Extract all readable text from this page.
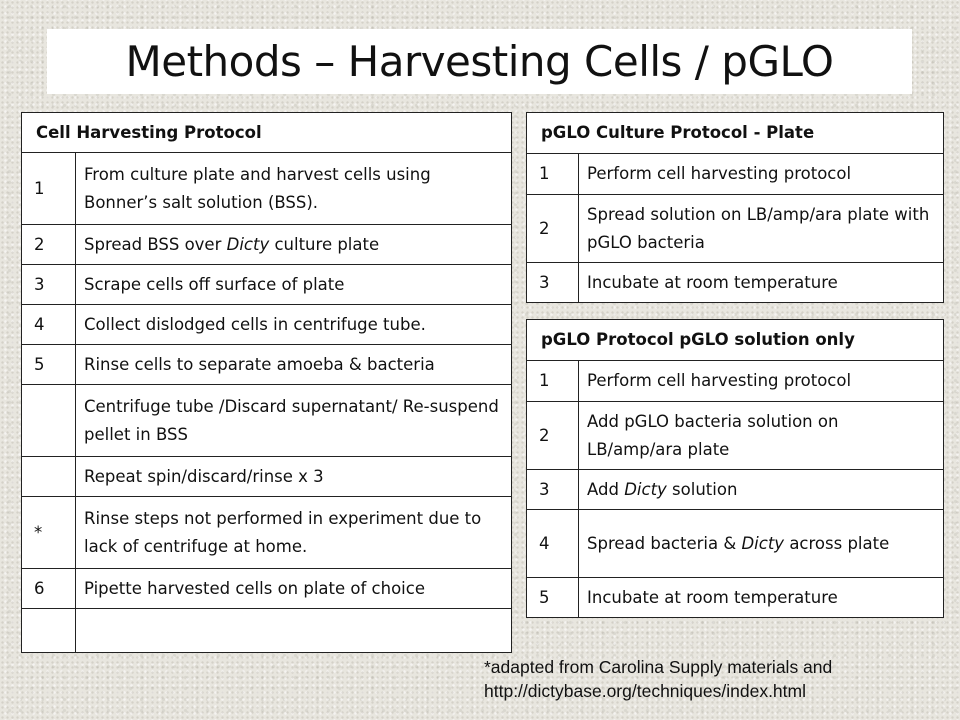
Methods – Harvesting Cells / pGLO
Cell Harvesting Protocol	
1	From culture plate and harvest cells using Bonner’s salt solution (BSS).
2	Spread BSS over Dicty culture plate
3	Scrape cells off surface of plate
4	Collect dislodged cells in centrifuge tube.
5	Rinse cells to separate amoeba & bacteria
	Centrifuge tube /Discard supernatant/ Re-suspend pellet in BSS
	Repeat spin/discard/rinse x 3
*	Rinse steps not performed in experiment due to lack of centrifuge at home.
6	Pipette harvested cells on plate of choice

pGLO Culture Protocol - Plate	
1	Perform cell harvesting protocol
2	Spread solution on LB/amp/ara plate with pGLO bacteria
3	Incubate at room temperature
pGLO Protocol pGLO solution only	
1	Perform cell harvesting protocol
2	Add pGLO bacteria solution on LB/amp/ara plate
3	Add Dicty solution
4	Spread bacteria & Dicty across plate
5	Incubate at room temperature
*adapted from Carolina Supply materials and
http://dictybase.org/techniques/index.html
